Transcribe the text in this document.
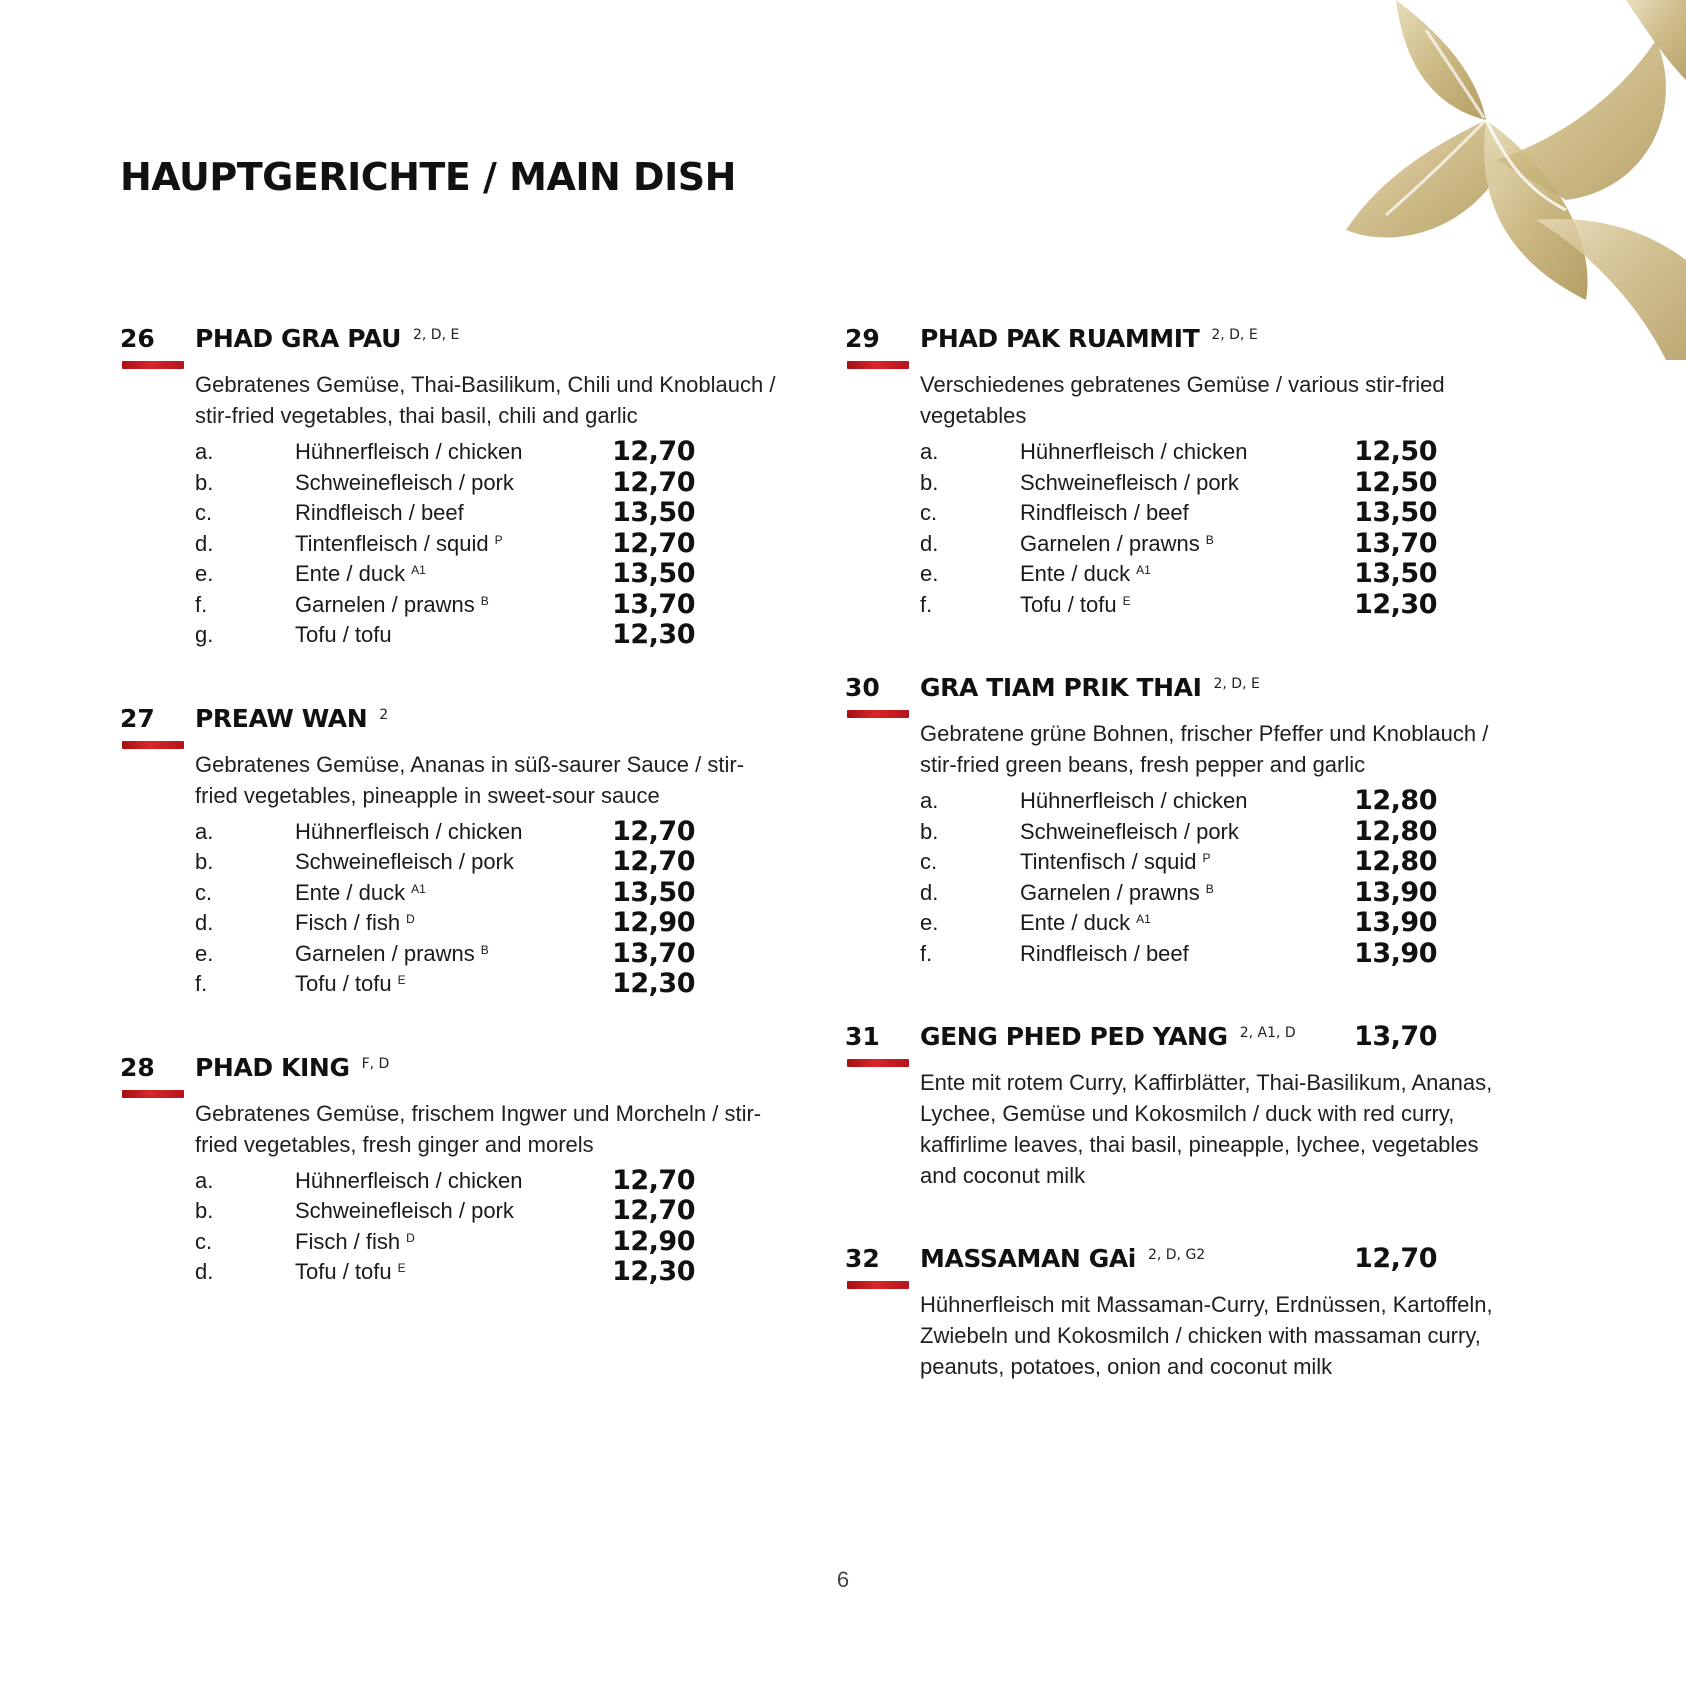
HAUPTGERICHTE / MAIN DISH
26	PHAD GRA PAU 2, D, E
Gebratenes Gemüse, Thai-Basilikum, Chili und Knoblauch / stir-fried vegetables, thai basil, chili and garlic
a.	Hühnerfleisch / chicken	12,70
b.	Schweinefleisch / pork	12,70
c.	Rindfleisch / beef	13,50
d.	Tintenfleisch / squid $^P$	12,70
e.	Ente / duck $^{A1}$	13,50
f.	Garnelen / prawns $^B$	13,70
g.	Tofu / tofu	12,30
27	PREAW WAN 2
Gebratenes Gemüse, Ananas in süß-saurer Sauce / stir-fried vegetables, pineapple in sweet-sour sauce
a.	Hühnerfleisch / chicken	12,70
b.	Schweinefleisch / pork	12,70
c.	Ente / duck $^{A1}$	13,50
d.	Fisch / fish $^D$	12,90
e.	Garnelen / prawns $^B$	13,70
f.	Tofu / tofu $^E$	12,30
28	PHAD KING F, D
Gebratenes Gemüse, frischem Ingwer und Morcheln / stir-fried vegetables, fresh ginger and morels
a.	Hühnerfleisch / chicken	12,70
b.	Schweinefleisch / pork	12,70
c.	Fisch / fish $^D$	12,90
d.	Tofu / tofu $^E$	12,30
29	PHAD PAK RUAMMIT 2, D, E
Verschiedenes gebratenes Gemüse / various stir-fried vegetables
a.	Hühnerfleisch / chicken	12,50
b.	Schweinefleisch / pork	12,50
c.	Rindfleisch / beef	13,50
d.	Garnelen / prawns $^B$	13,70
e.	Ente / duck $^{A1}$	13,50
f.	Tofu / tofu $^E$	12,30
30	GRA TIAM PRIK THAI 2, D, E
Gebratene grüne Bohnen, frischer Pfeffer und Knoblauch / stir-fried green beans, fresh pepper and garlic
a.	Hühnerfleisch / chicken	12,80
b.	Schweinefleisch / pork	12,80
c.	Tintenfisch / squid $^P$	12,80
d.	Garnelen / prawns $^B$	13,90
e.	Ente / duck $^{A1}$	13,90
f.	Rindfleisch / beef	13,90
31	GENG PHED PED YANG 2, A1, D 13,70
Ente mit rotem Curry, Kaffirblätter, Thai-Basilikum, Ananas, Lychee, Gemüse und Kokosmilch / duck with red curry, kaffirlime leaves, thai basil, pineapple, lychee, vegetables and coconut milk
32	MASSAMAN GAi 2, D, G2	12,70
Hühnerfleisch mit Massaman-Curry, Erdnüssen, Kartoffeln, Zwiebeln und Kokosmilch / chicken with massaman curry, peanuts, potatoes, onion and coconut milk
6
